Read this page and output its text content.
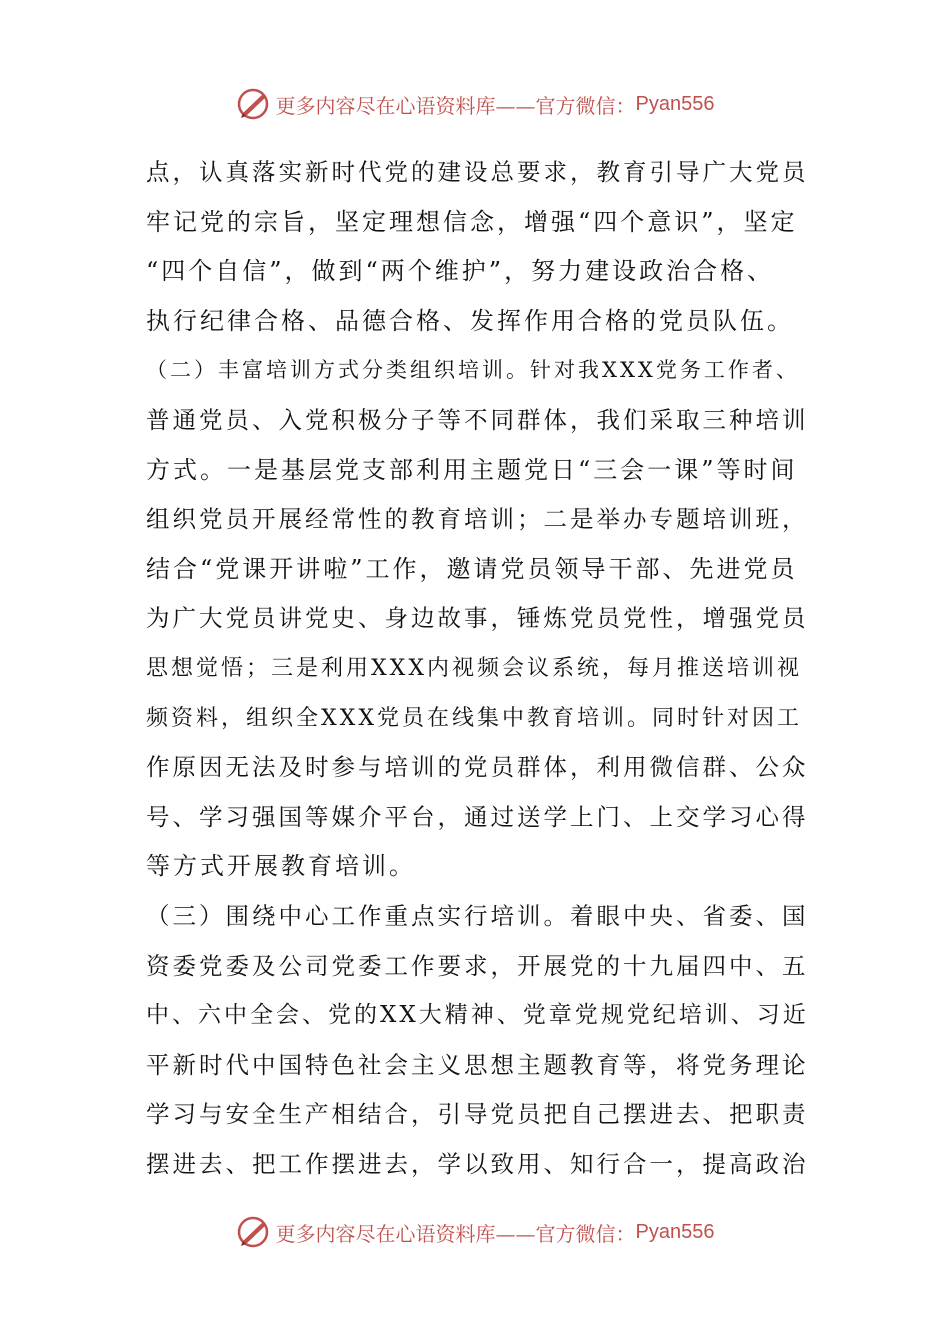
更多内容尽在心语资料库——官方微信： Pyan556
点，认真落实新时代党的建设总要求，教育引导广大党员
牢记党的宗旨，坚定理想信念，增强“四个意识”，坚定
“四个自信”，做到“两个维护”，努力建设政治合格、
执行纪律合格、品德合格、发挥作用合格的党员队伍。
（二）丰富培训方式分类组织培训。针对我XXX党务工作者、
普通党员、入党积极分子等不同群体，我们采取三种培训
方式。一是基层党支部利用主题党日“三会一课”等时间
组织党员开展经常性的教育培训；二是举办专题培训班，
结合“党课开讲啦”工作，邀请党员领导干部、先进党员
为广大党员讲党史、身边故事，锤炼党员党性，增强党员
思想觉悟；三是利用XXX内视频会议系统，每月推送培训视
频资料，组织全XXX党员在线集中教育培训。同时针对因工
作原因无法及时参与培训的党员群体，利用微信群、公众
号、学习强国等媒介平台，通过送学上门、上交学习心得
等方式开展教育培训。
（三）围绕中心工作重点实行培训。着眼中央、省委、国
资委党委及公司党委工作要求，开展党的十九届四中、五
中、六中全会、党的XX大精神、党章党规党纪培训、习近
平新时代中国特色社会主义思想主题教育等，将党务理论
学习与安全生产相结合，引导党员把自己摆进去、把职责
摆进去、把工作摆进去，学以致用、知行合一，提高政治
更多内容尽在心语资料库——官方微信： Pyan556
